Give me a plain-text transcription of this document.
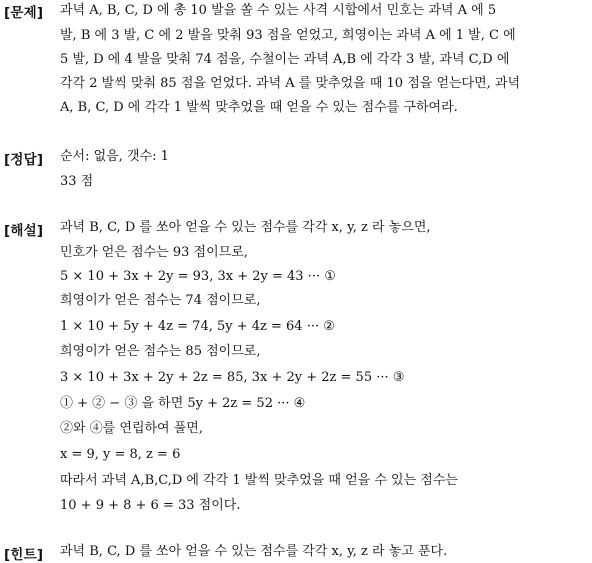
[문제] 과녁 A, B, C, D 에 총 10 발을 쏠 수 있는 사격 시합에서 민호는 과녁 A 에 5
발, B 에 3 발, C 에 2 발을 맞춰 93 점을 얻었고, 희영이는 과녁 A 에 1 발, C 에
5 발, D 에 4 발을 맞춰 74 점을, 수철이는 과녁 A,B 에 각각 3 발, 과녁 C,D 에
각각 2 발씩 맞춰 85 점을 얻었다. 과녁 A 를 맞추었을 때 10 점을 얻는다면, 과녁
A, B, C, D 에 각각 1 발씩 맞추었을 때 얻을 수 있는 점수를 구하여라.
[정답] 순서: 없음, 갯수: 1
33 점
[해설] 과녁 B, C, D 를 쏘아 얻을 수 있는 점수를 각각 x, y, z 라 놓으면,
민호가 얻은 점수는 93 점이므로,
5 × 10 + 3x + 2y = 93, 3x + 2y = 43 ··· ①
희영이가 얻은 점수는 74 점이므로,
1 × 10 + 5y + 4z = 74, 5y + 4z = 64 ··· ②
희영이가 얻은 점수는 85 점이므로,
3 × 10 + 3x + 2y + 2z = 85, 3x + 2y + 2z = 55 ··· ③
① + ② − ③ 을 하면 5y + 2z = 52 ··· ④
②와 ④를 연립하여 풀면,
x = 9, y = 8, z = 6
따라서 과녁 A,B,C,D 에 각각 1 발씩 맞추었을 때 얻을 수 있는 점수는
10 + 9 + 8 + 6 = 33 점이다.
[힌트] 과녁 B, C, D 를 쏘아 얻을 수 있는 점수를 각각 x, y, z 라 놓고 푼다.
